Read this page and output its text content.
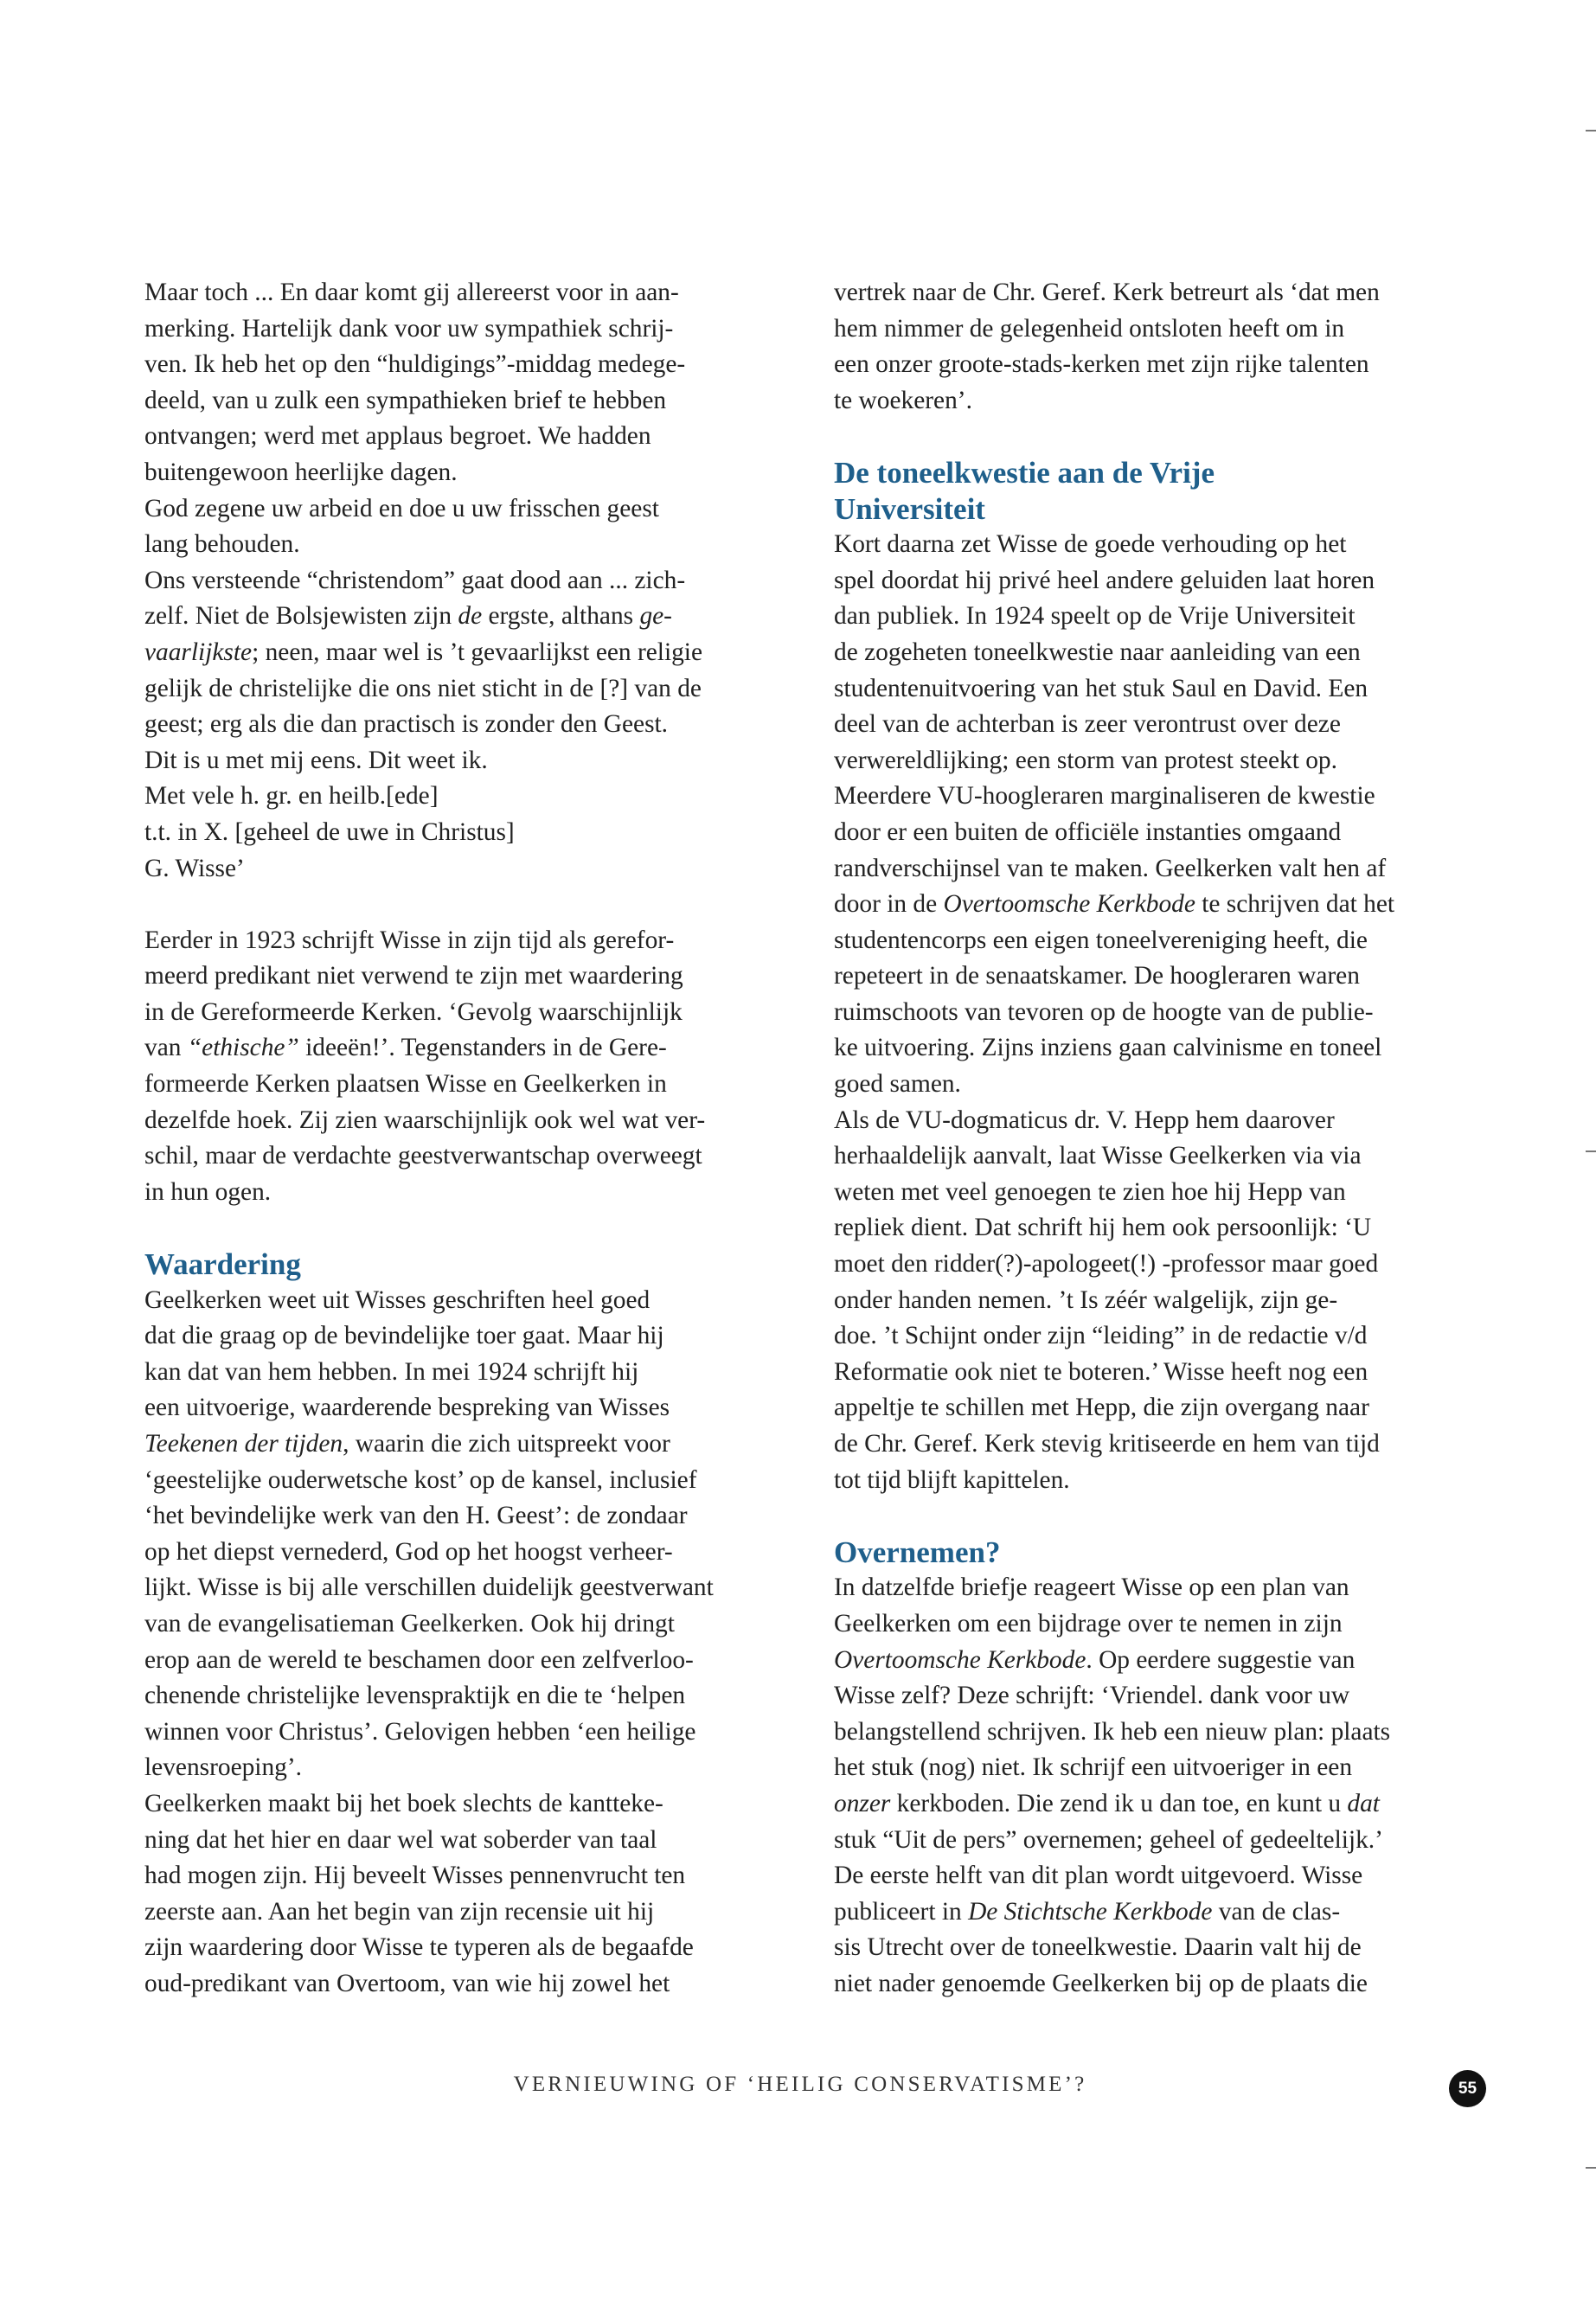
Maar toch ... En daar komt gij allereerst voor in aan-
merking. Hartelijk dank voor uw sympathiek schrij-
ven. Ik heb het op den “huldigings”-middag medege-
deeld, van u zulk een sympathieken brief te hebben
ontvangen; werd met applaus begroet. We hadden
buitengewoon heerlijke dagen.

God zegene uw arbeid en doe u uw frisschen geest
lang behouden.

Ons versteende “christendom” gaat dood aan ... zich-
zelf. Niet de Bolsjewisten zijn de ergste, althans ge-
vaarlijkste; neen, maar wel is ’t gevaarlijkst een religie
gelijk de christelijke die ons niet sticht in de [?] van de
geest; erg als die dan practisch is zonder den Geest.
Dit is u met mij eens. Dit weet ik.

Met vele h. gr. en heilb.[ede]
t.t. in X. [geheel de uwe in Christus]
G. Wisse’

Eerder in 1923 schrijft Wisse in zijn tijd als gerefor-
meerd predikant niet verwend te zijn met waardering
in de Gereformeerde Kerken. ‘Gevolg waarschijnlijk
van “ethische” ideeën!’. Tegenstanders in de Gere-
formeerde Kerken plaatsen Wisse en Geelkerken in
dezelfde hoek. Zij zien waarschijnlijk ook wel wat ver-
schil, maar de verdachte geestverwantschap overweegt
in hun ogen.

Waardering

Geelkerken weet uit Wisses geschriften heel goed
dat die graag op de bevindelijke toer gaat. Maar hij
kan dat van hem hebben. In mei 1924 schrijft hij
een uitvoerige, waarderende bespreking van Wisses
Teekenen der tijden, waarin die zich uitspreekt voor
‘geestelijke ouderwetsche kost’ op de kansel, inclusief
‘het bevindelijke werk van den H. Geest’: de zondaar
op het diepst vernederd, God op het hoogst verheer-
lijkt. Wisse is bij alle verschillen duidelijk geestverwant
van de evangelisatieman Geelkerken. Ook hij dringt
erop aan de wereld te beschamen door een zelfverloo-
chenende christelijke levenspraktijk en die te ‘helpen
winnen voor Christus’. Gelovigen hebben ‘een heilige
levensroeping’.

Geelkerken maakt bij het boek slechts de kantteke-
ning dat het hier en daar wel wat soberder van taal
had mogen zijn. Hij beveelt Wisses pennenvrucht ten
zeerste aan. Aan het begin van zijn recensie uit hij
zijn waardering door Wisse te typeren als de begaafde
oud-predikant van Overtoom, van wie hij zowel het

vertrek naar de Chr. Geref. Kerk betreurt als ‘dat men
hem nimmer de gelegenheid ontsloten heeft om in
een onzer groote-stads-kerken met zijn rijke talenten
te woekeren’.

De toneelkwestie aan de Vrije
Universiteit

Kort daarna zet Wisse de goede verhouding op het
spel doordat hij privé heel andere geluiden laat horen
dan publiek. In 1924 speelt op de Vrije Universiteit
de zogeheten toneelkwestie naar aanleiding van een
studentenuitvoering van het stuk Saul en David. Een
deel van de achterban is zeer verontrust over deze
verwereldlijking; een storm van protest steekt op.
Meerdere VU-hoogleraren marginaliseren de kwestie
door er een buiten de officiële instanties omgaand
randverschijnsel van te maken. Geelkerken valt hen af
door in de Overtoomsche Kerkbode te schrijven dat het
studentencorps een eigen toneelvereniging heeft, die
repeteert in de senaatskamer. De hoogleraren waren
ruimschoots van tevoren op de hoogte van de publie-
ke uitvoering. Zijns inziens gaan calvinisme en toneel
goed samen.

Als de VU-dogmaticus dr. V. Hepp hem daarover
herhaaldelijk aanvalt, laat Wisse Geelkerken via via
weten met veel genoegen te zien hoe hij Hepp van
repliek dient. Dat schrift hij hem ook persoonlijk: ‘U
moet den ridder(?)-apologeet(!) -professor maar goed
onder handen nemen. ’t Is zéér walgelijk, zijn ge-
doe. ’t Schijnt onder zijn “leiding” in de redactie v/d
Reformatie ook niet te boteren.’ Wisse heeft nog een
appeltje te schillen met Hepp, die zijn overgang naar
de Chr. Geref. Kerk stevig kritiseerde en hem van tijd
tot tijd blijft kapittelen.

Overnemen?

In datzelfde briefje reageert Wisse op een plan van
Geelkerken om een bijdrage over te nemen in zijn
Overtoomsche Kerkbode. Op eerdere suggestie van
Wisse zelf? Deze schrijft: ‘Vriendel. dank voor uw
belangstellend schrijven. Ik heb een nieuw plan: plaats
het stuk (nog) niet. Ik schrijf een uitvoeriger in een
onzer kerkboden. Die zend ik u dan toe, en kunt u dat
stuk “Uit de pers” overnemen; geheel of gedeeltelijk.’
De eerste helft van dit plan wordt uitgevoerd. Wisse
publiceert in De Stichtsche Kerkbode van de clas-
sis Utrecht over de toneelkwestie. Daarin valt hij de
niet nader genoemde Geelkerken bij op de plaats die

VERNIEUWING OF ‘HEILIG CONSERVATISME’?	55
